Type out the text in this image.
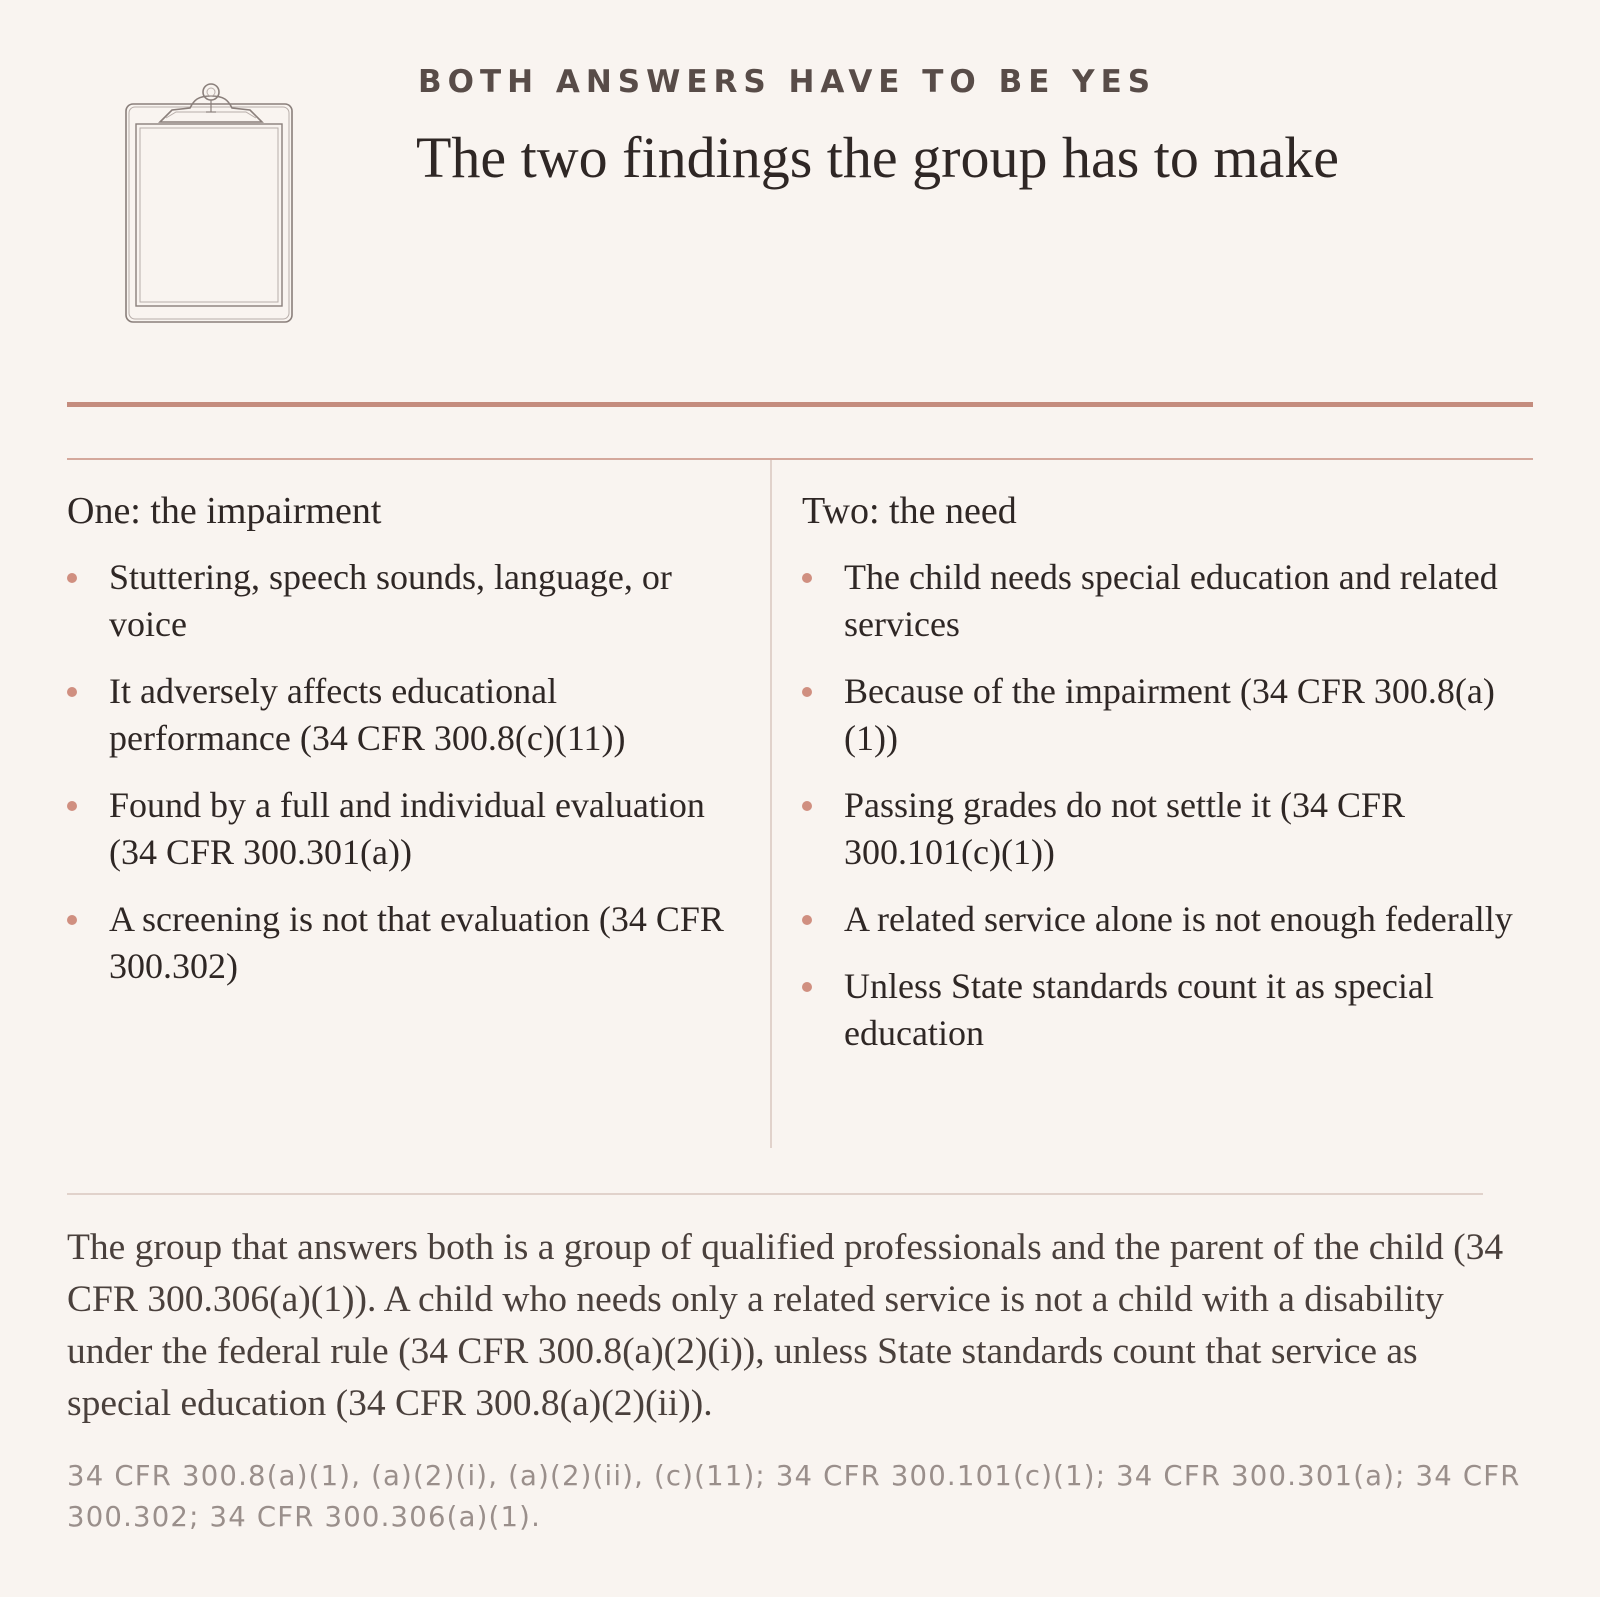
BOTH ANSWERS HAVE TO BE YES
The two findings the group has to make
One: the impairment
Stuttering, speech sounds, language, or voice
It adversely affects educational performance (34 CFR 300.8(c)(11))
Found by a full and individual evaluation (34 CFR 300.301(a))
A screening is not that evaluation (34 CFR 300.302)
Two: the need
The child needs special education and related services
Because of the impairment (34 CFR 300.8(a)(1))
Passing grades do not settle it (34 CFR 300.101(c)(1))
A related service alone is not enough federally
Unless State standards count it as special education

The group that answers both is a group of qualified professionals and the parent of the child (34 CFR 300.306(a)(1)). A child who needs only a related service is not a child with a disability under the federal rule (34 CFR 300.8(a)(2)(i)), unless State standards count that service as special education (34 CFR 300.8(a)(2)(ii)).

34 CFR 300.8(a)(1), (a)(2)(i), (a)(2)(ii), (c)(11); 34 CFR 300.101(c)(1); 34 CFR 300.301(a); 34 CFR 300.302; 34 CFR 300.306(a)(1).
